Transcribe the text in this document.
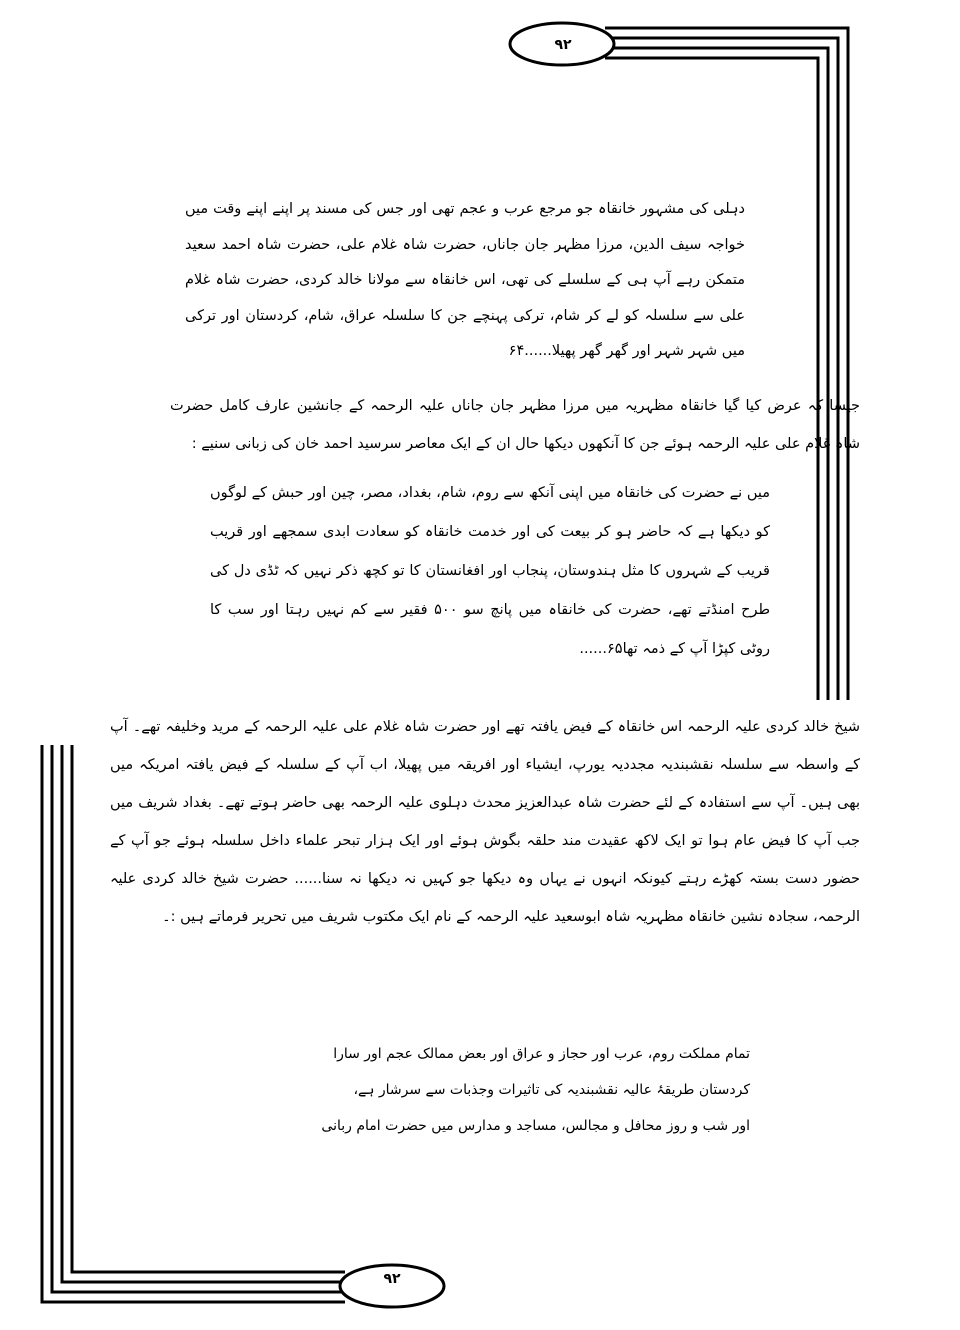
۹۲
۹۲

دہلی کی مشہور خانقاہ جو مرجع عرب و عجم تھی اور جس کی مسند پر اپنے اپنے وقت میں خواجہ سیف الدین، مرزا مظہر جان جاناں، حضرت شاہ غلام علی، حضرت شاہ احمد سعید متمکن رہے آپ ہی کے سلسلے کی تھی، اس خانقاہ سے مولانا خالد کردی، حضرت شاہ غلام علی سے سلسلہ کو لے کر شام، ترکی پہنچے جن کا سلسلہ عراق، شام، کردستان اور ترکی میں شہر شہر اور گھر گھر پھیلا......۶۴

جیسا کہ عرض کیا گیا خانقاہ مظہریہ میں مرزا مظہر جان جاناں علیہ الرحمہ کے جانشین عارف کامل حضرت شاہ غلام علی علیہ الرحمہ ہوئے جن کا آنکھوں دیکھا حال ان کے ایک معاصر سرسید احمد خان کی زبانی سنیے :

میں نے حضرت کی خانقاہ میں اپنی آنکھ سے روم، شام، بغداد، مصر، چین اور حبش کے لوگوں کو دیکھا ہے کہ حاضر ہو کر بیعت کی اور خدمت خانقاہ کو سعادت ابدی سمجھے اور قریب قریب کے شہروں کا مثل ہندوستان، پنجاب اور افغانستان کا تو کچھ ذکر نہیں کہ ٹڈی دل کی طرح امنڈتے تھے، حضرت کی خانقاہ میں پانچ سو ۵۰۰ فقیر سے کم نہیں رہتا اور سب کا روٹی کپڑا آپ کے ذمہ تھا۶۵......

شیخ خالد کردی علیہ الرحمہ اس خانقاہ کے فیض یافتہ تھے اور حضرت شاہ غلام علی علیہ الرحمہ کے مرید وخلیفہ تھے۔ آپ کے واسطہ سے سلسلہ نقشبندیہ مجددیہ یورپ، ایشیاء اور افریقہ میں پھیلا، اب آپ کے سلسلہ کے فیض یافتہ امریکہ میں بھی ہیں۔ آپ سے استفادہ کے لئے حضرت شاہ عبدالعزیز محدث دہلوی علیہ الرحمہ بھی حاضر ہوتے تھے۔ بغداد شریف میں جب آپ کا فیض عام ہوا تو ایک لاکھ عقیدت مند حلقہ بگوش ہوئے اور ایک ہزار تبحر علماء داخل سلسلہ ہوئے جو آپ کے حضور دست بستہ کھڑے رہتے کیونکہ انہوں نے یہاں وہ دیکھا جو کہیں نہ دیکھا نہ سنا...... حضرت شیخ خالد کردی علیہ الرحمہ، سجادہ نشین خانقاہ مظہریہ شاہ ابوسعید علیہ الرحمہ کے نام ایک مکتوب شریف میں تحریر فرماتے ہیں :۔

تمام مملکت روم، عرب اور حجاز و عراق اور بعض ممالک عجم اور سارا

کردستان طریقۂ عالیہ نقشبندیہ کی تاثیرات وجذبات سے سرشار ہے،

اور شب و روز محافل و مجالس، مساجد و مدارس میں حضرت امام ربانی
